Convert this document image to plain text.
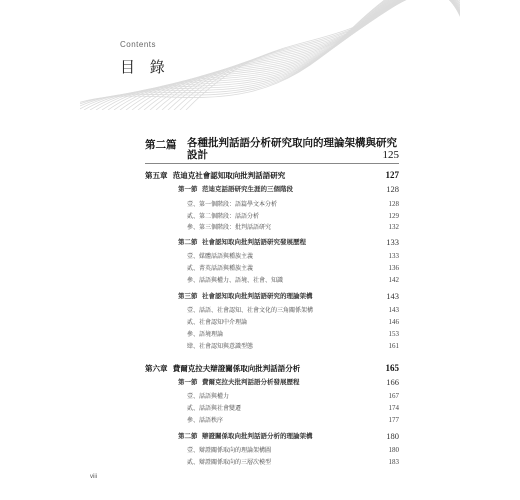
Contents
目 錄
第二篇 各種批判話語分析研究取向的理論架構與研究設計	125
第五章 范迪克社會認知取向批判話語研究	127
第一節 范迪克話語研究生涯的三個階段	128
壹、第一個階段：語篇學文本分析	128
貳、第二個階段：話語分析	129
參、第三個階段：批判話語研究	132
第二節 社會認知取向批判話語研究發展歷程	133
壹、媒體話語與種族主義	133
貳、菁英話語與種族主義	136
參、話語與權力、語境、社會、知識	142
第三節 社會認知取向批判話語研究的理論架構	143
壹、話語、社會認知、社會文化的三角關係架構	143
貳、社會認知中介理論	146
參、語境理論	153
肆、社會認知與意識型態	161
第六章 費爾克拉夫辯證關係取向批判話語分析	165
第一節 費爾克拉夫批判話語分析發展歷程	166
壹、話語與權力	167
貳、話語與社會變遷	174
參、話語秩序	177
第二節 辯證關係取向批判話語分析的理論架構	180
壹、辯證關係取向的理論架構圖	180
貳、辯證關係取向的三層次模型	183
viii
